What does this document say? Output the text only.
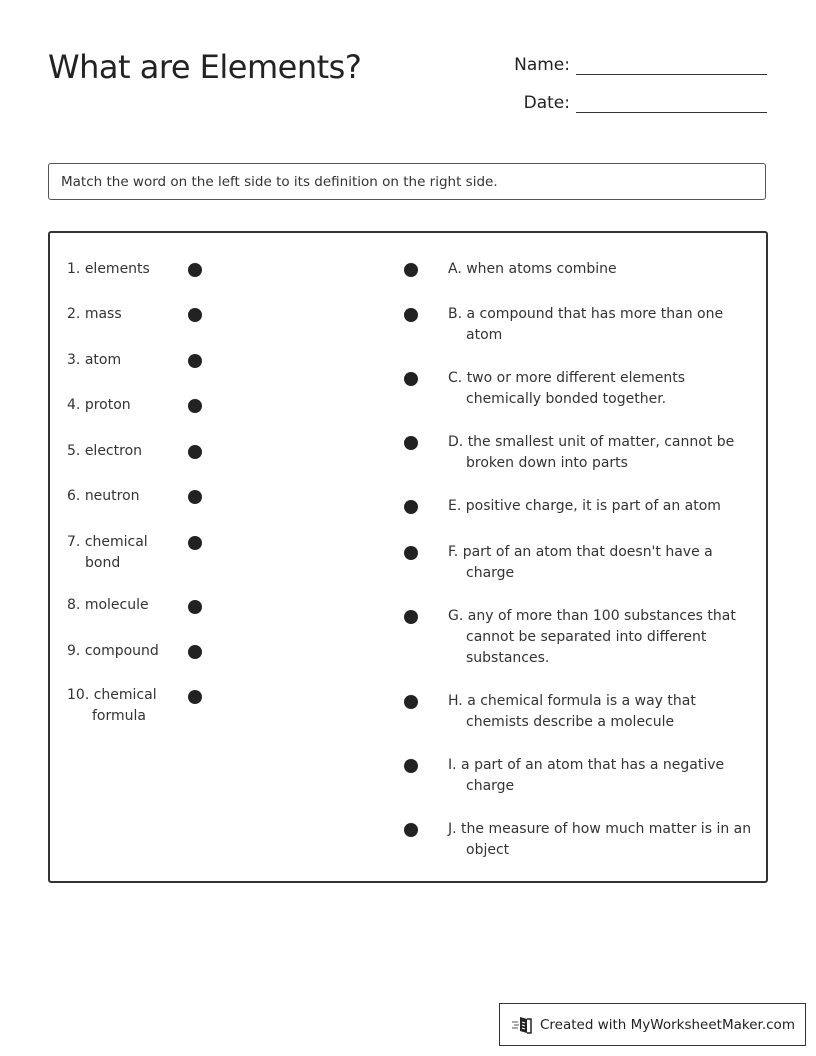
What are Elements?	Name:
Date:
Match the word on the left side to its definition on the right side.
1. elements
2. mass
3. atom
4. proton
5. electron
6. neutron
7. chemical bond
8. molecule
9. compound
10. chemical formula
A. when atoms combine
B. a compound that has more than one atom
C. two or more different elements chemically bonded together.
D. the smallest unit of matter, cannot be broken down into parts
E. positive charge, it is part of an atom
F. part of an atom that doesn't have a charge
G. any of more than 100 substances that cannot be separated into different substances.
H. a chemical formula is a way that chemists describe a molecule
I. a part of an atom that has a negative charge
J. the measure of how much matter is in an object
Created with MyWorksheetMaker.com
